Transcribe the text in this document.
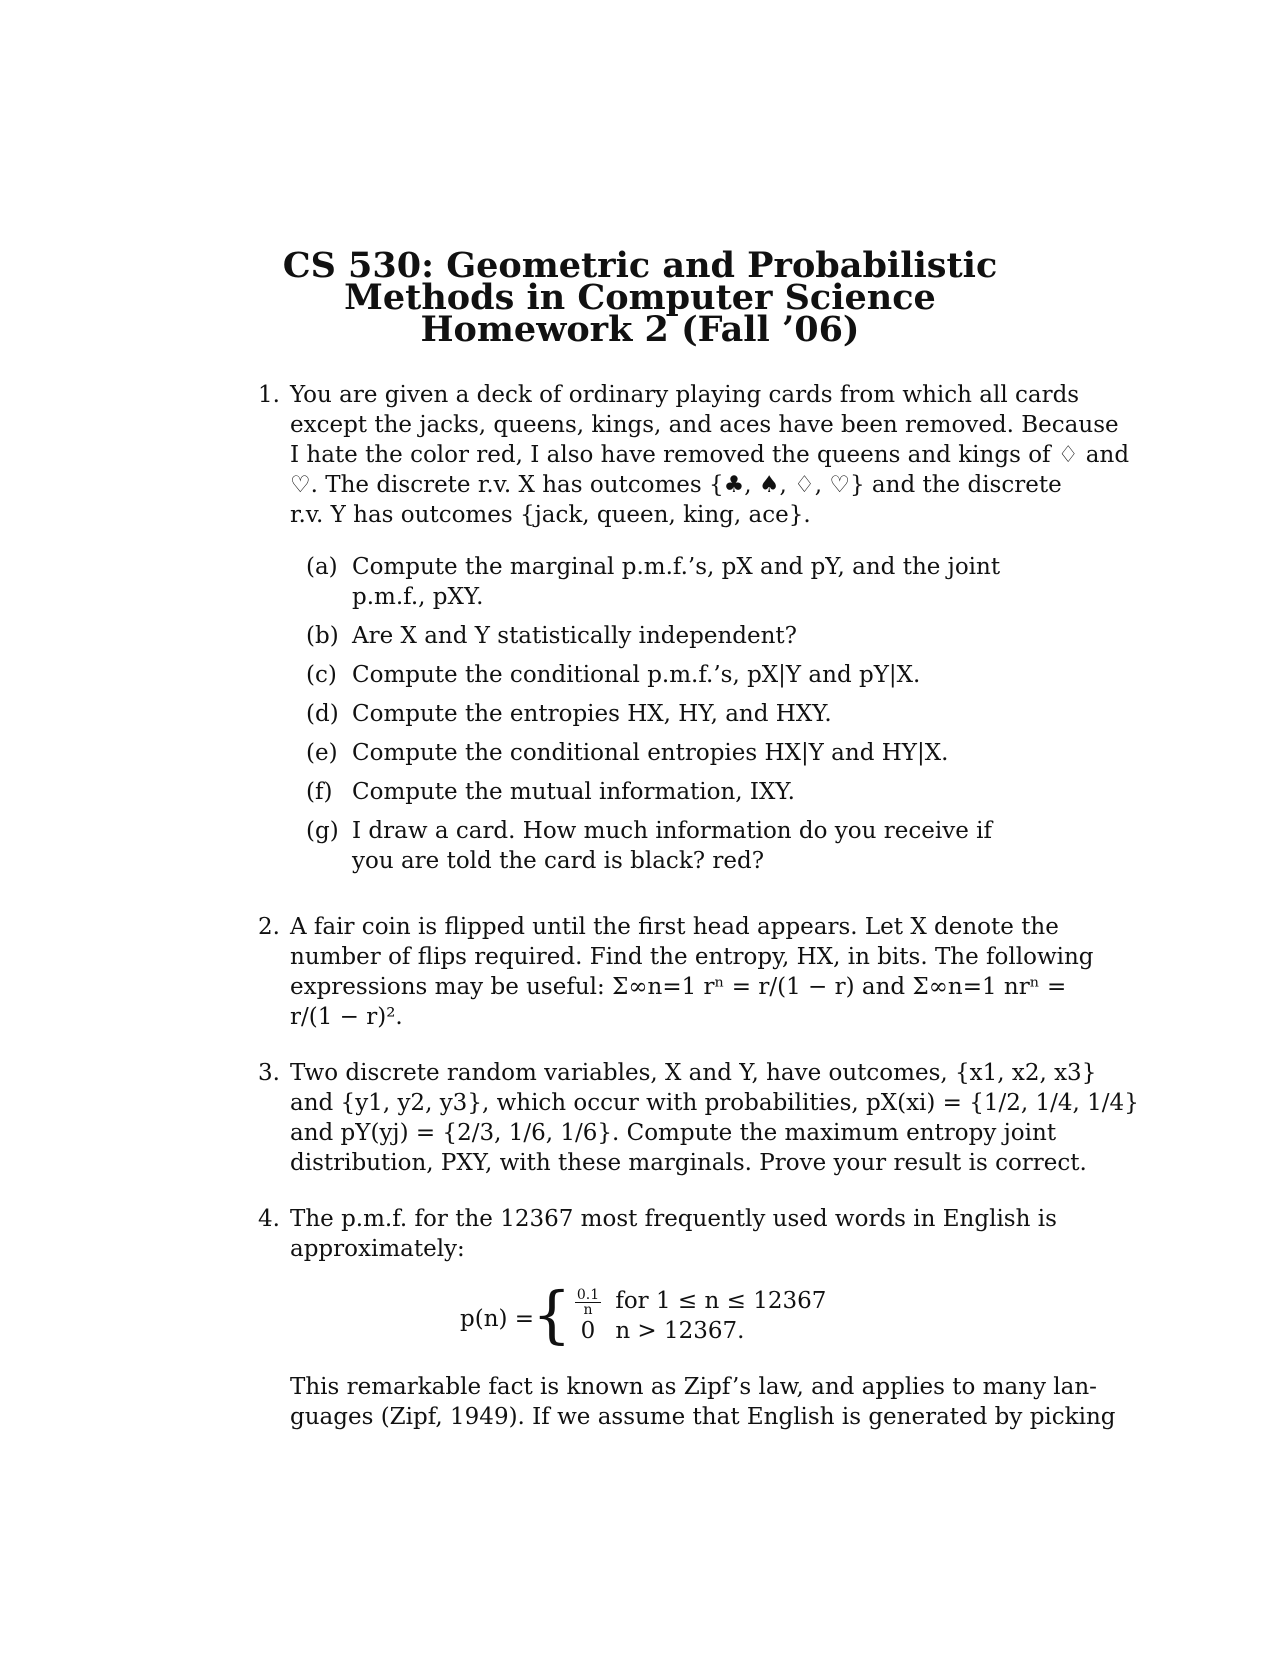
CS 530: Geometric and Probabilistic
Methods in Computer Science
Homework 2 (Fall ’06)
1. You are given a deck of ordinary playing cards from which all cards
except the jacks, queens, kings, and aces have been removed. Because
I hate the color red, I also have removed the queens and kings of ♢ and
♡. The discrete r.v. X has outcomes {♣, ♠, ♢, ♡} and the discrete
r.v. Y has outcomes {jack, queen, king, ace}.
(a) Compute the marginal p.m.f.’s, pX and pY, and the joint p.m.f., pXY.
(b) Are X and Y statistically independent?
(c) Compute the conditional p.m.f.’s, pX|Y and pY|X.
(d) Compute the entropies HX, HY, and HXY.
(e) Compute the conditional entropies HX|Y and HY|X.
(f) Compute the mutual information, IXY.
(g) I draw a card. How much information do you receive if you are told the card is black? red?
2. A fair coin is flipped until the first head appears. Let X denote the
number of flips required. Find the entropy, HX, in bits. The following
expressions may be useful: Σ∞n=1 rⁿ = r/(1 − r) and Σ∞n=1 nrⁿ =
r/(1 − r)².
3. Two discrete random variables, X and Y, have outcomes, {x1, x2, x3}
and {y1, y2, y3}, which occur with probabilities, pX(xi) = {1/2, 1/4, 1/4}
and pY(yj) = {2/3, 1/6, 1/6}. Compute the maximum entropy joint
distribution, PXY, with these marginals. Prove your result is correct.
4. The p.m.f. for the 12367 most frequently used words in English is
approximately:
p(n) =
{ $\frac{0.1}{n}$ for 1 ≤ n ≤ 12367
0 n > 12367.
This remarkable fact is known as Zipf’s law, and applies to many lan-
guages (Zipf, 1949). If we assume that English is generated by picking
